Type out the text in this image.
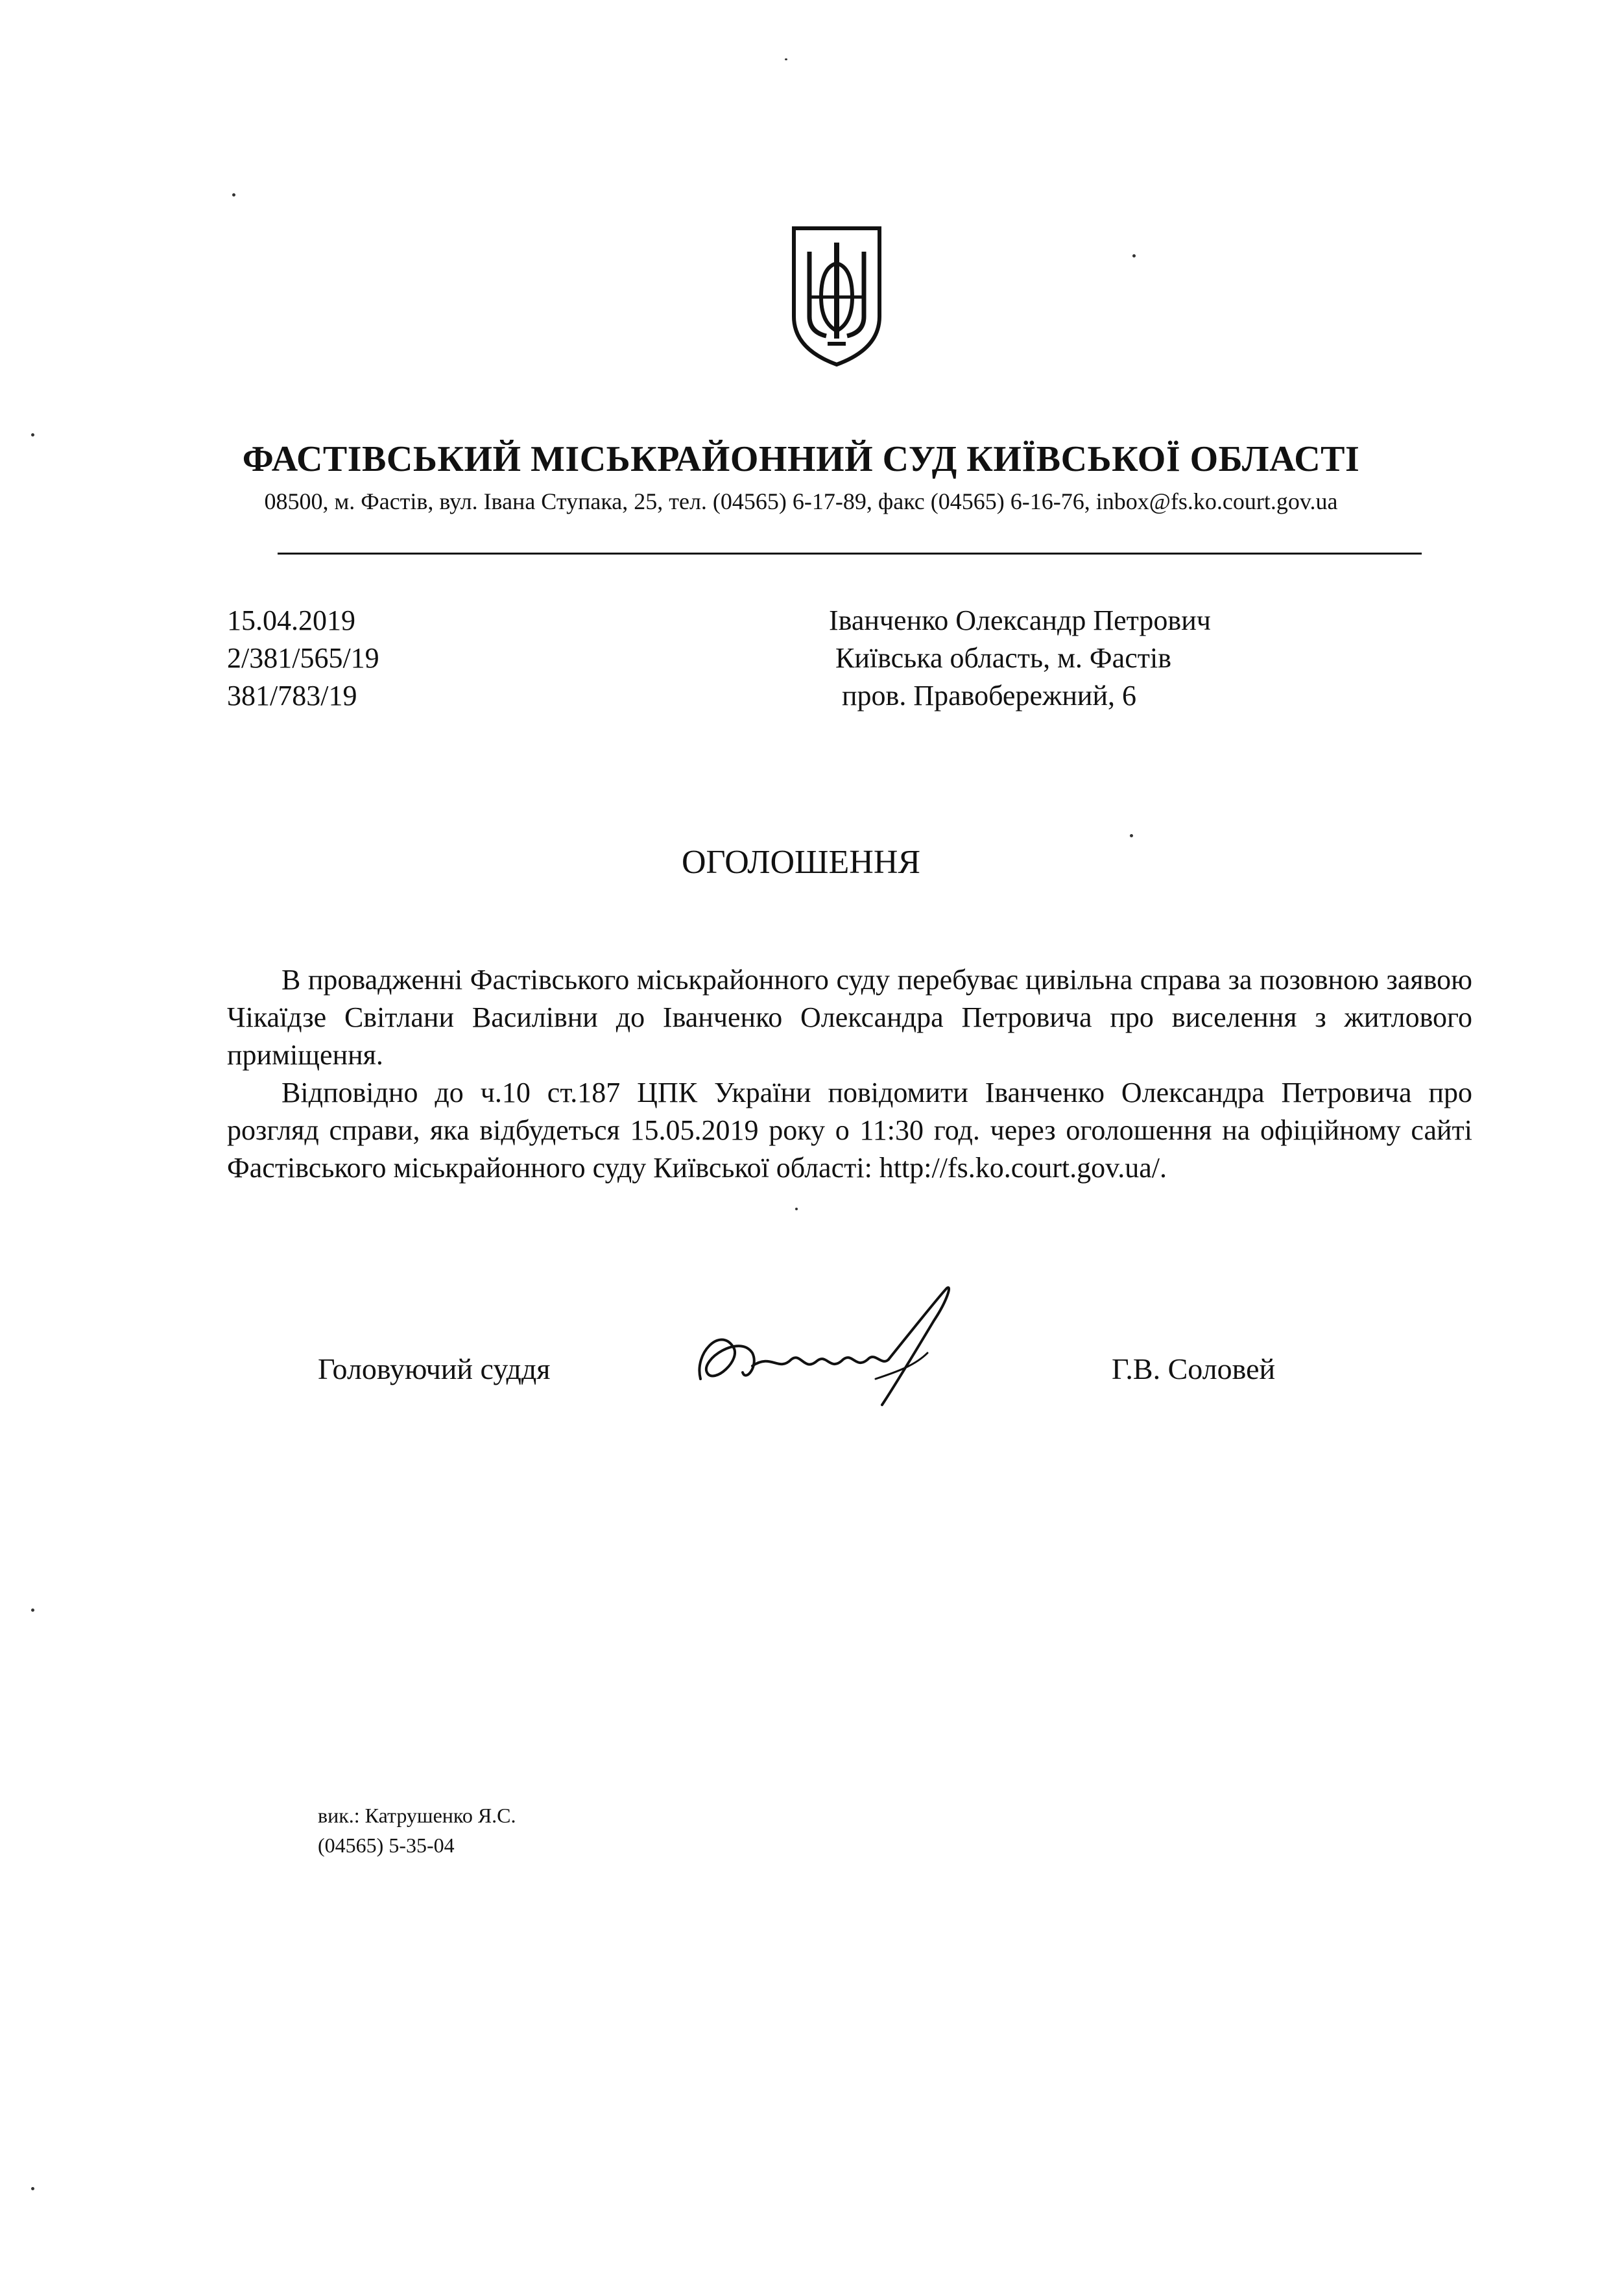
ФАСТІВСЬКИЙ МІСЬКРАЙОННИЙ СУД КИЇВСЬКОЇ ОБЛАСТІ
08500, м. Фастів, вул. Івана Ступака, 25, тел. (04565) 6-17-89, факс (04565) 6-16-76, inbox@fs.ko.court.gov.ua
15.04.2019
2/381/565/19
381/783/19
Іванченко Олександр Петрович
Київська область, м. Фастів
пров. Правобережний, 6
ОГОЛОШЕННЯ

В провадженні Фастівського міськрайонного суду перебуває цивільна справа за позовною заявою Чікаїдзе Світлани Василівни до Іванченко Олександра Петровича про виселення з житлового приміщення.

Відповідно до ч.10 ст.187 ЦПК України повідомити Іванченко Олександра Петровича про розгляд справи, яка відбудеться 15.05.2019 року о 11:30 год. через оголошення на офіційному сайті Фастівського міськрайонного суду Київської області: http://fs.ko.court.gov.ua/.

Головуючий суддя	Г.В. Соловей
вик.: Катрушенко Я.С.
(04565) 5-35-04
